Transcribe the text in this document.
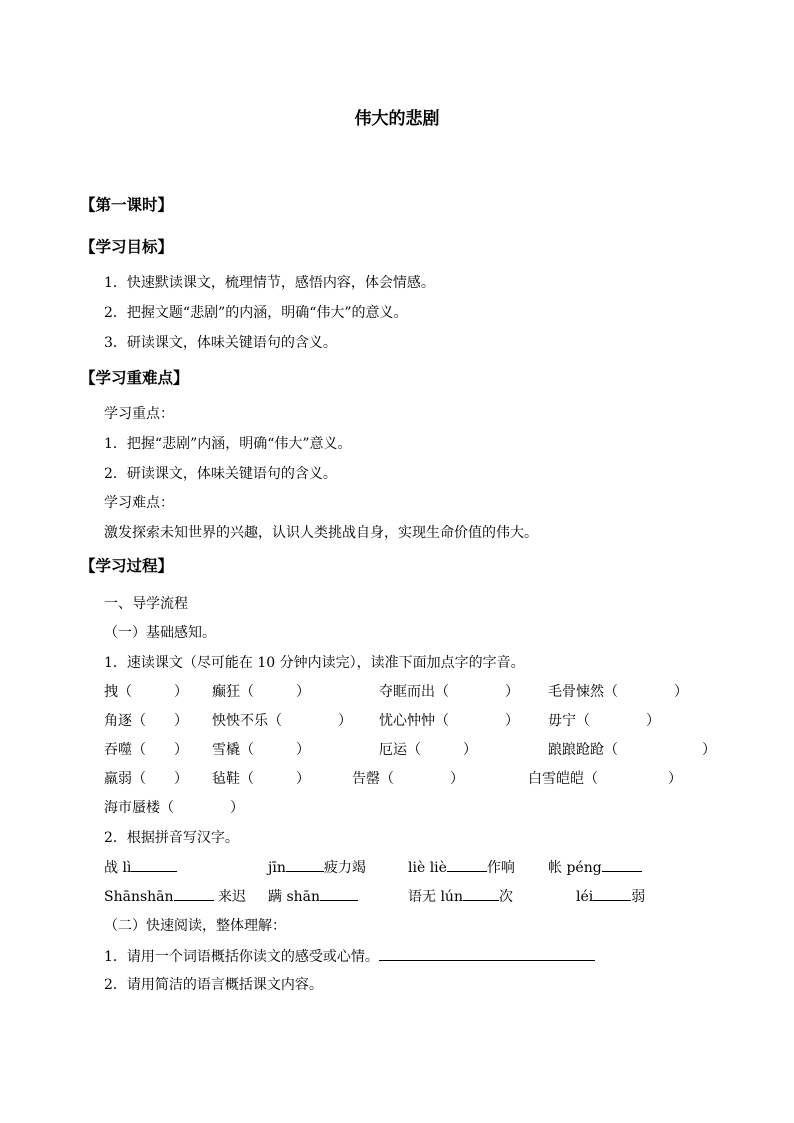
伟大的悲剧
【第一课时】
【学习目标】
1．快速默读课文，梳理情节，感悟内容，体会情感。
2．把握文题“悲剧”的内涵，明确“伟大”的意义。
3．研读课文，体味关键语句的含义。
【学习重难点】
学习重点：
1．把握“悲剧”内涵，明确“伟大”意义。
2．研读课文，体味关键语句的含义。
学习难点：
激发探索未知世界的兴趣，认识人类挑战自身，实现生命价值的伟大。
【学习过程】
一、导学流程
（一）基础感知。
1．速读课文（尽可能在 10 分钟内读完），读准下面加点字的字音。
拽（　　　） 癫狂（　　　）	夺眶而出（　　　　） 毛骨悚然（　　　　）
角逐（　　） 怏怏不乐（　　　　） 忧心忡忡（　　　　） 毋宁（　　　　）
吞噬（　　） 雪橇（　　　）	厄运（　　　）	踉踉跄跄（　　　　　　）
羸弱（　　） 毡鞋（　　　）	告罄（　　　　）	白雪皑皑（　　　　　）
海市蜃楼（　　　　）
2．根据拼音写汉字。
战 lì	jīn	疲力竭	liè liè	作响 帐 péng
Shānshān	来迟 蹒 shān	语无 lún	次	léi	弱
（二）快速阅读，整体理解：
1．请用一个词语概括你读文的感受或心情。
2．请用简洁的语言概括课文内容。
